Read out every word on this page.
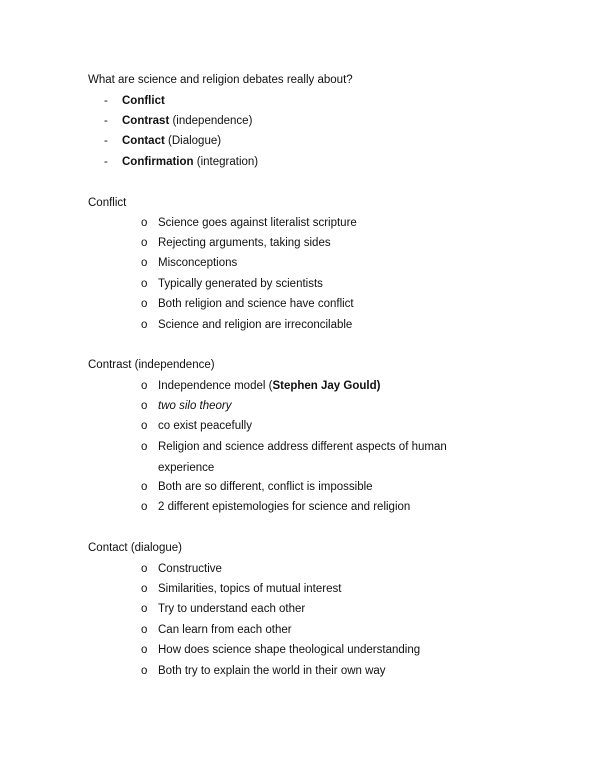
What are science and religion debates really about?
- Conflict
- Contrast (independence)
- Contact (Dialogue)
- Confirmation (integration)
Conflict
o Science goes against literalist scripture
o Rejecting arguments, taking sides
o Misconceptions
o Typically generated by scientists
o Both religion and science have conflict
o Science and religion are irreconcilable
Contrast (independence)
o Independence model (Stephen Jay Gould)
o two silo theory
o co exist peacefully
o Religion and science address different aspects of human experience
o Both are so different, conflict is impossible
o 2 different epistemologies for science and religion
Contact (dialogue)
o Constructive
o Similarities, topics of mutual interest
o Try to understand each other
o Can learn from each other
o How does science shape theological understanding
o Both try to explain the world in their own way
